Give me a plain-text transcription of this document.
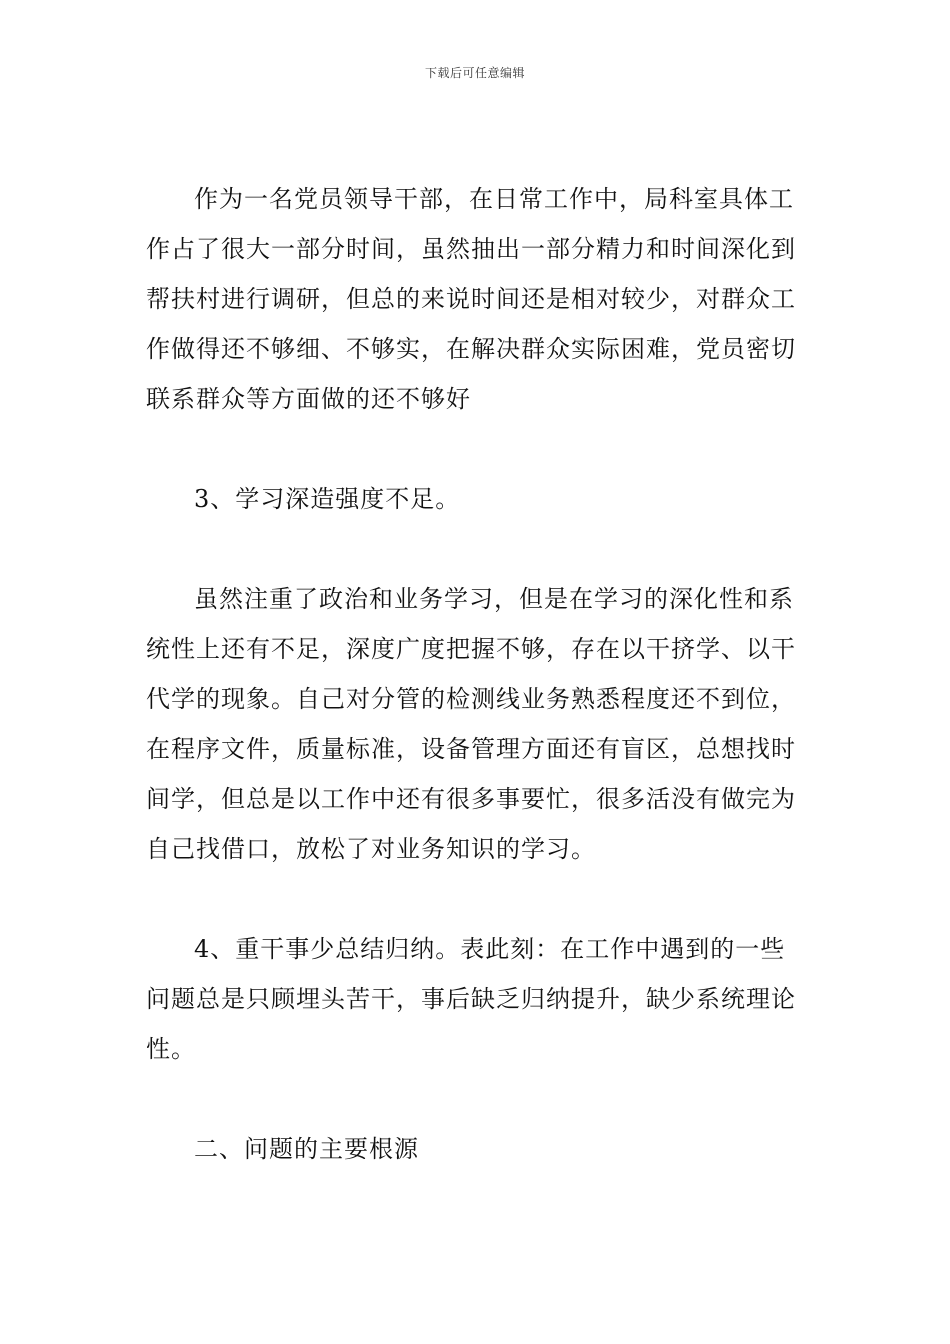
下载后可任意编辑

作为一名党员领导干部，在日常工作中，局科室具体工作占了很大一部分时间，虽然抽出一部分精力和时间深化到帮扶村进行调研，但总的来说时间还是相对较少，对群众工作做得还不够细、不够实，在解决群众实际困难，党员密切联系群众等方面做的还不够好

3、学习深造强度不足。

虽然注重了政治和业务学习，但是在学习的深化性和系统性上还有不足，深度广度把握不够，存在以干挤学、以干代学的现象。自己对分管的检测线业务熟悉程度还不到位，在程序文件，质量标准，设备管理方面还有盲区，总想找时间学，但总是以工作中还有很多事要忙，很多活没有做完为自己找借口，放松了对业务知识的学习。

4、重干事少总结归纳。表此刻：在工作中遇到的一些问题总是只顾埋头苦干，事后缺乏归纳提升，缺少系统理论性。

二、问题的主要根源
